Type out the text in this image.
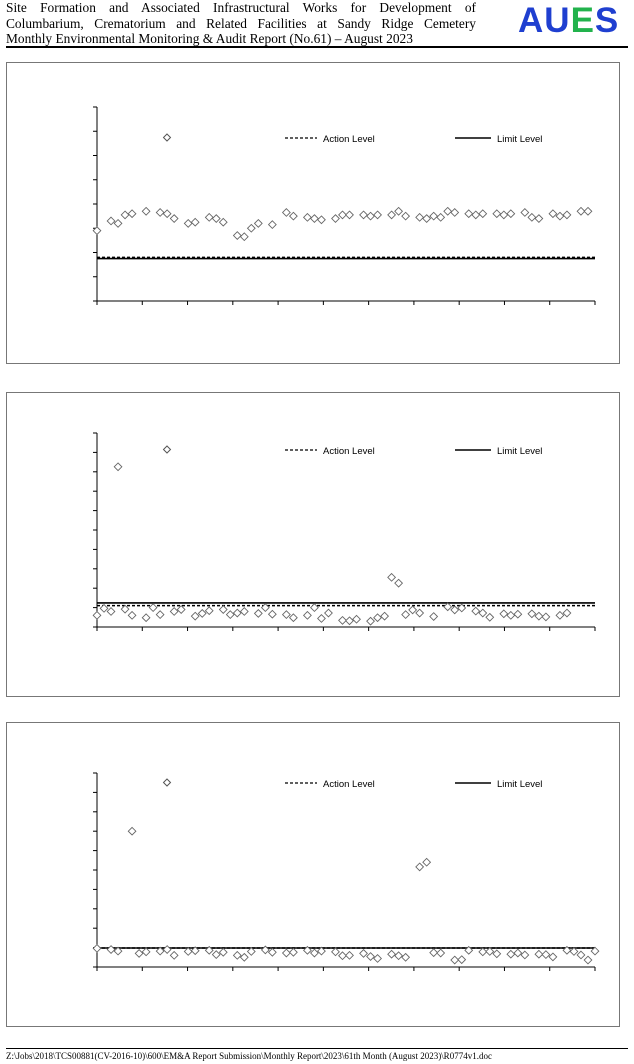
Site Formation and Associated Infrastructural Works for Development of
Columbarium, Crematorium and Related Facilities at Sandy Ridge Cemetery
Monthly Environmental Monitoring & Audit Report (No.61) – August 2023	AUES
Action Level	Limit Level
Action Level	Limit Level
Action Level	Limit Level
Z:\Jobs\2018\TCS00881(CV-2016-10)\600\EM&A Report Submission\Monthly Report\2023\61th Month (August 2023)\R0774v1.doc
